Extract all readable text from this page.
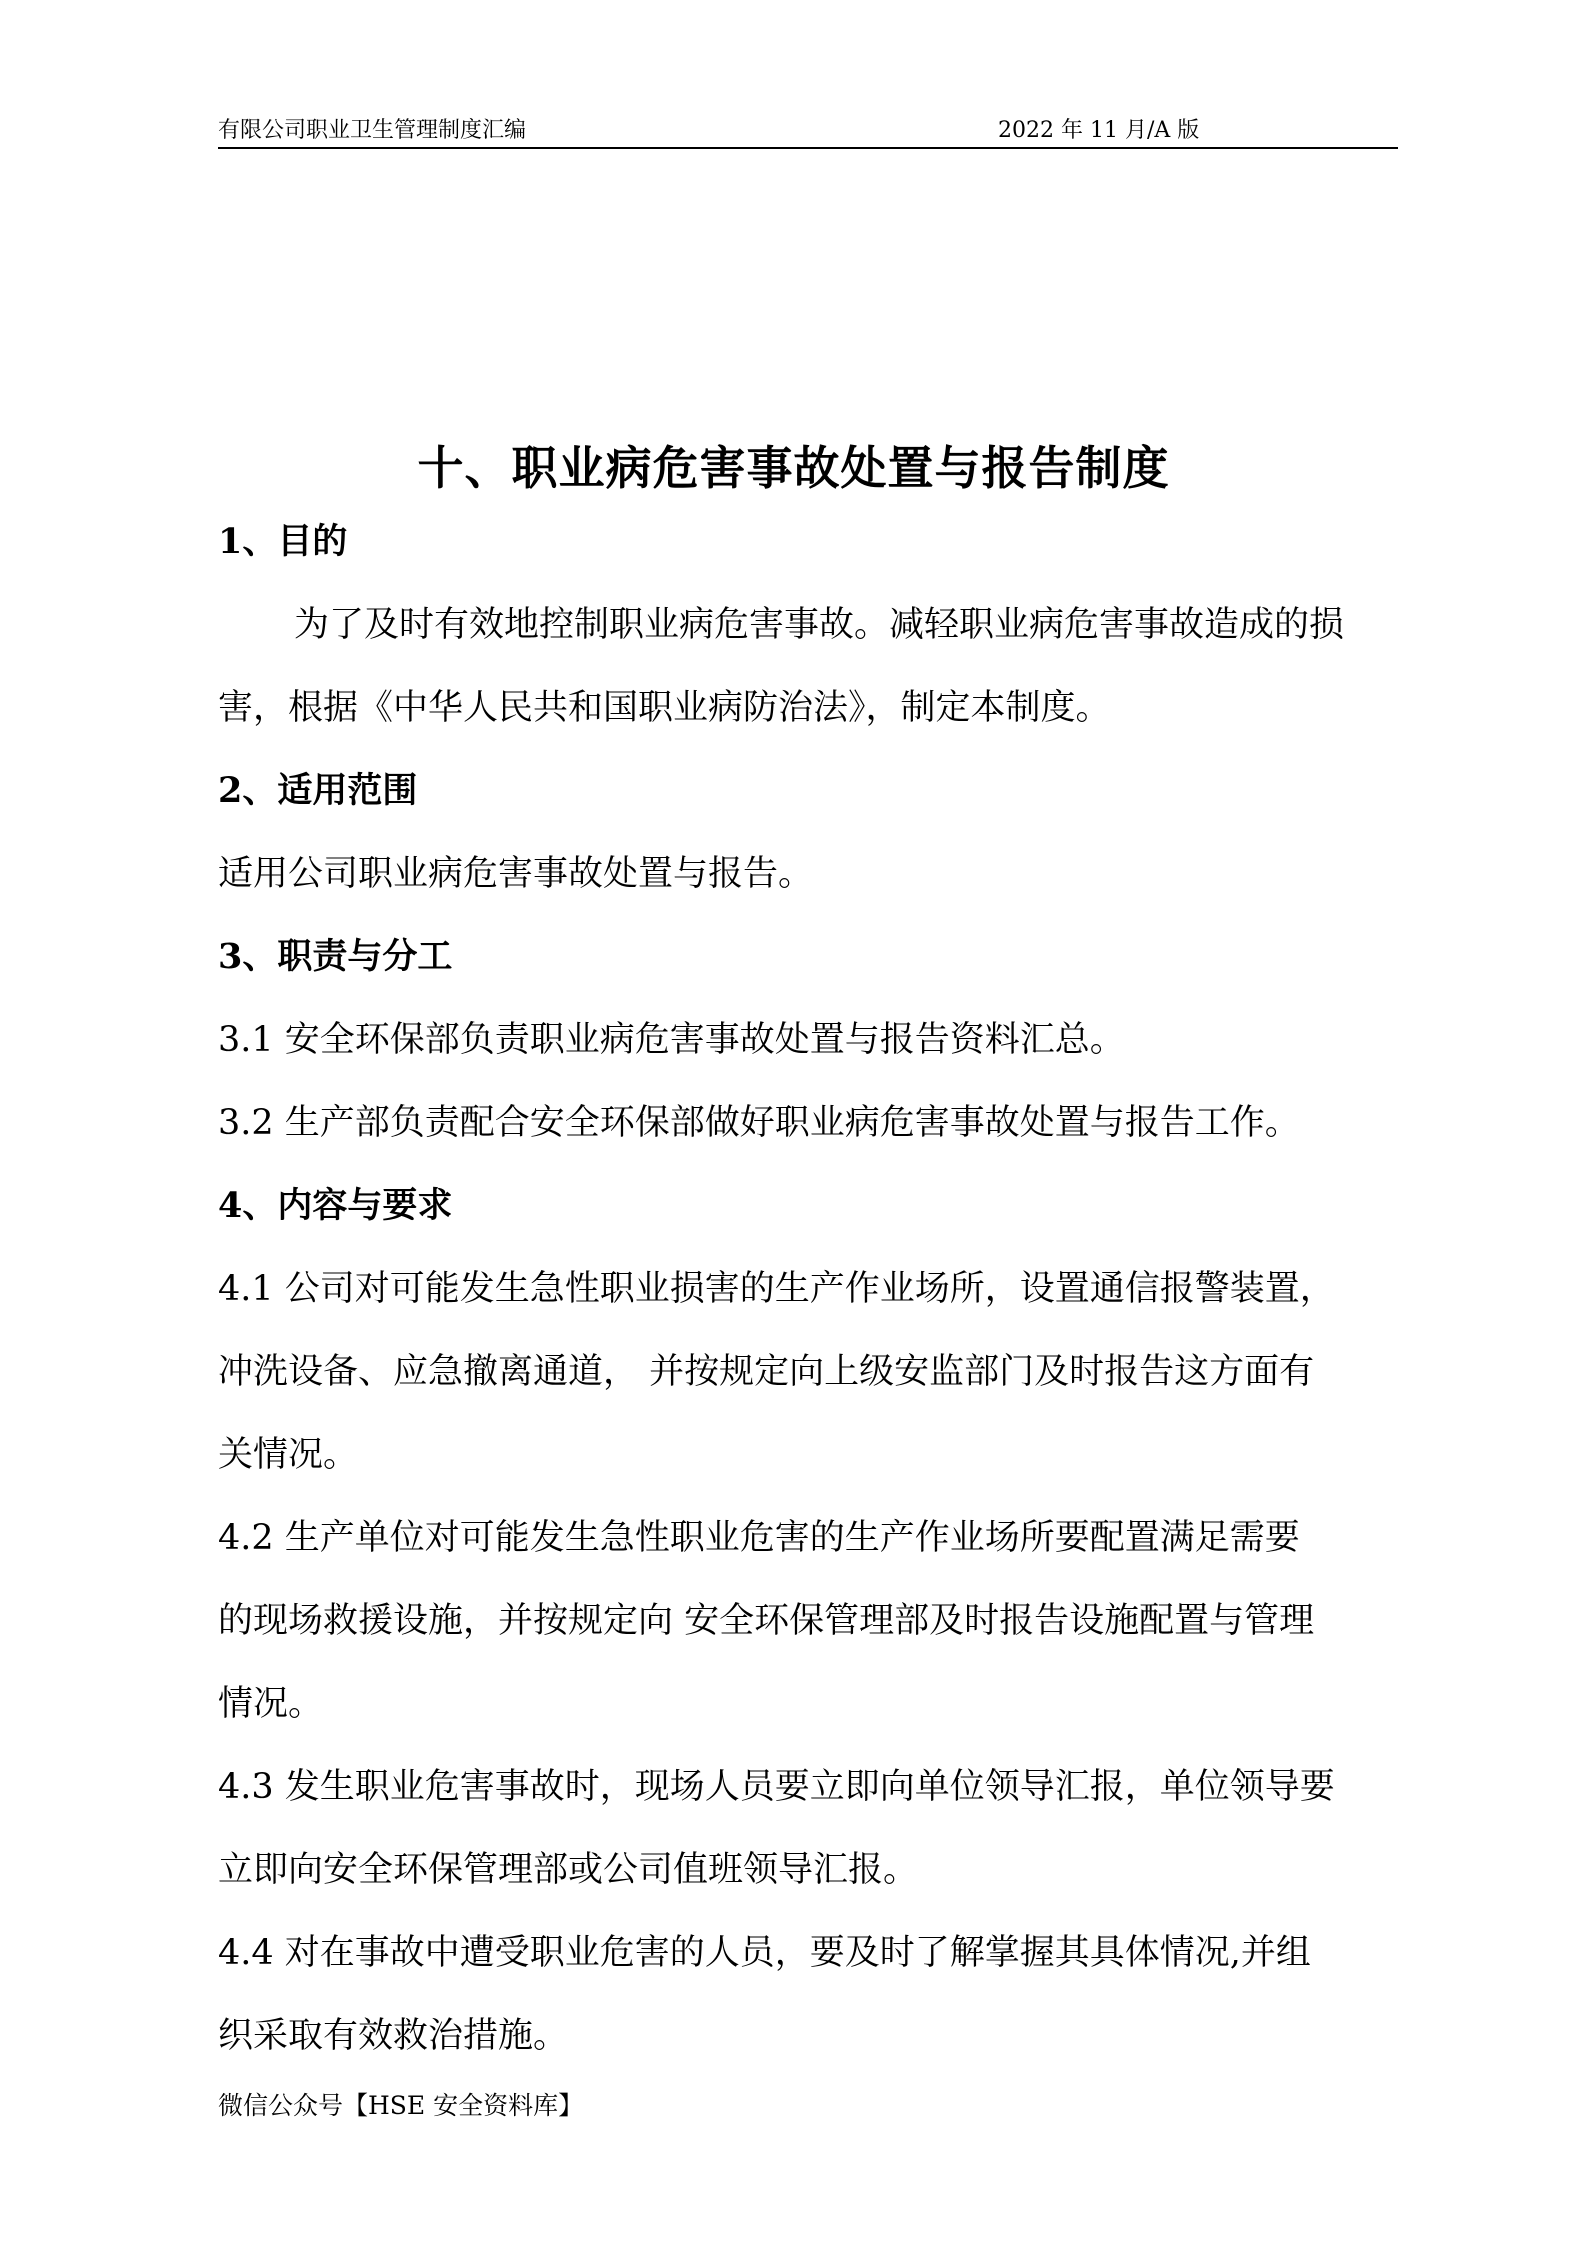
有限公司职业卫生管理制度汇编	2022 年 11 月/A 版
十、职业病危害事故处置与报告制度
1、目的
为了及时有效地控制职业病危害事故。减轻职业病危害事故造成的损
害，根据《中华人民共和国职业病防治法》，制定本制度。
2、适用范围
适用公司职业病危害事故处置与报告。
3、职责与分工
3.1 安全环保部负责职业病危害事故处置与报告资料汇总。
3.2 生产部负责配合安全环保部做好职业病危害事故处置与报告工作。
4、内容与要求
4.1 公司对可能发生急性职业损害的生产作业场所，设置通信报警装置，
冲洗设备、应急撤离通道， 并按规定向上级安监部门及时报告这方面有
关情况。
4.2 生产单位对可能发生急性职业危害的生产作业场所要配置满足需要
的现场救援设施，并按规定向 安全环保管理部及时报告设施配置与管理
情况。
4.3 发生职业危害事故时，现场人员要立即向单位领导汇报，单位领导要
立即向安全环保管理部或公司值班领导汇报。
4.4 对在事故中遭受职业危害的人员，要及时了解掌握其具体情况,并组
织采取有效救治措施。
微信公众号【HSE 安全资料库】
